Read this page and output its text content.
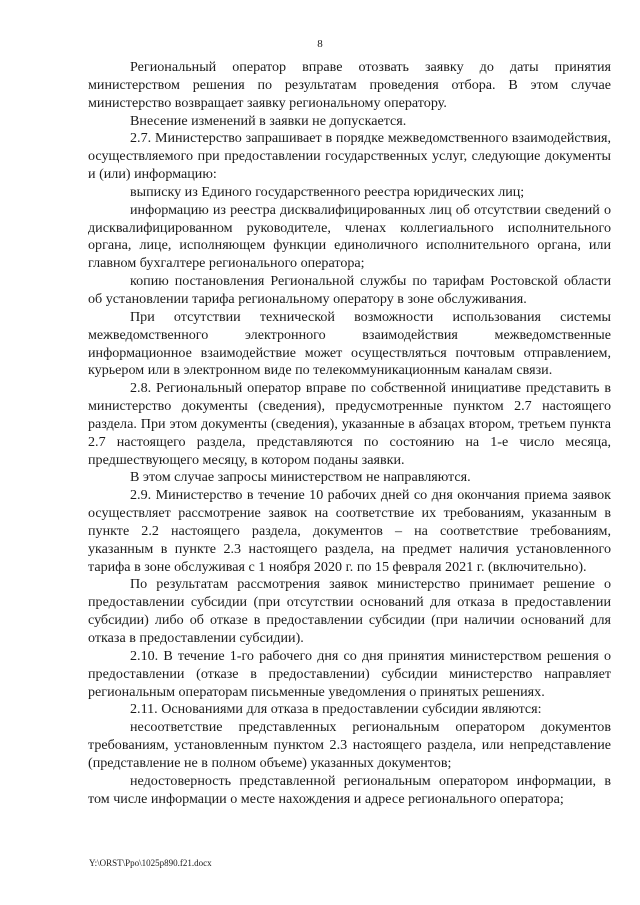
8

Региональный оператор вправе отозвать заявку до даты принятия министерством решения по результатам проведения отбора. В этом случае министерство возвращает заявку региональному оператору.

Внесение изменений в заявки не допускается.

2.7. Министерство запрашивает в порядке межведомственного взаимодействия, осуществляемого при предоставлении государственных услуг, следующие документы и (или) информацию:

выписку из Единого государственного реестра юридических лиц;

информацию из реестра дисквалифицированных лиц об отсутствии сведений о дисквалифицированном руководителе, членах коллегиального исполнительного органа, лице, исполняющем функции единоличного исполнительного органа, или главном бухгалтере регионального оператора;

копию постановления Региональной службы по тарифам Ростовской области об установлении тарифа региональному оператору в зоне обслуживания.

При отсутствии технической возможности использования системы межведомственного электронного взаимодействия межведомственные информационное взаимодействие может осуществляться почтовым отправлением, курьером или в электронном виде по телекоммуникационным каналам связи.

2.8. Региональный оператор вправе по собственной инициативе представить в министерство документы (сведения), предусмотренные пунктом 2.7 настоящего раздела. При этом документы (сведения), указанные в абзацах втором, третьем пункта 2.7 настоящего раздела, представляются по состоянию на 1-е число месяца, предшествующего месяцу, в котором поданы заявки.

В этом случае запросы министерством не направляются.

2.9. Министерство в течение 10 рабочих дней со дня окончания приема заявок осуществляет рассмотрение заявок на соответствие их требованиям, указанным в пункте 2.2 настоящего раздела, документов – на соответствие требованиям, указанным в пункте 2.3 настоящего раздела, на предмет наличия установленного тарифа в зоне обслуживая с 1 ноября 2020 г. по 15 февраля 2021 г. (включительно).

По результатам рассмотрения заявок министерство принимает решение о предоставлении субсидии (при отсутствии оснований для отказа в предоставлении субсидии) либо об отказе в предоставлении субсидии (при наличии оснований для отказа в предоставлении субсидии).

2.10. В течение 1-го рабочего дня со дня принятия министерством решения о предоставлении (отказе в предоставлении) субсидии министерство направляет региональным операторам письменные уведомления о принятых решениях.

2.11. Основаниями для отказа в предоставлении субсидии являются:

несоответствие представленных региональным оператором документов требованиям, установленным пунктом 2.3 настоящего раздела, или непредставление (представление не в полном объеме) указанных документов;

недостоверность представленной региональным оператором информации, в том числе информации о месте нахождения и адресе регионального оператора;

Y:\ORST\Ppo\1025p890.f21.docx
